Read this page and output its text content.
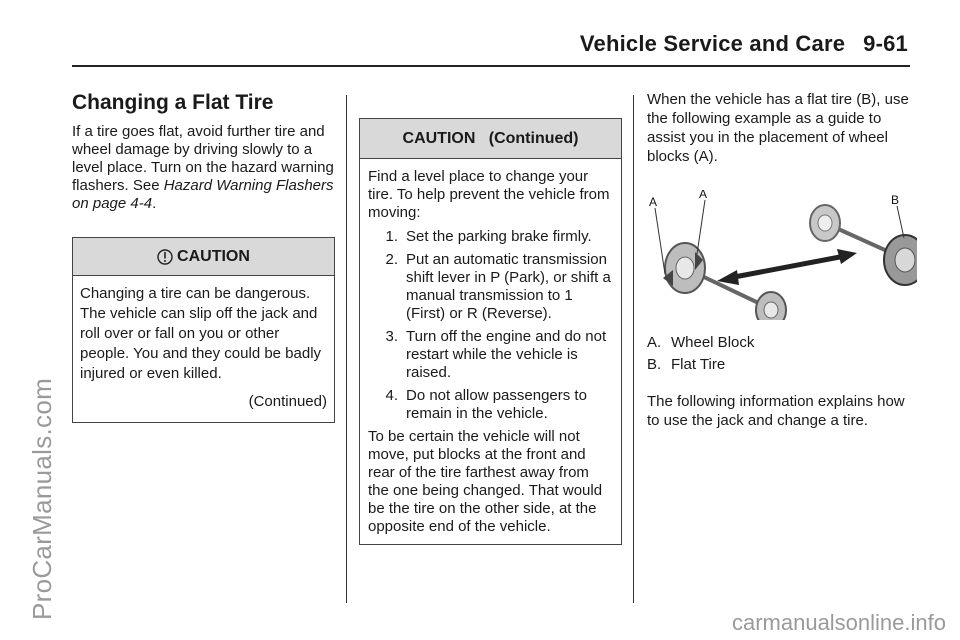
Vehicle Service and Care 9-61
ProCarManuals.com
carmanualsonline.info
Changing a Flat Tire

If a tire goes flat, avoid further tire and wheel damage by driving slowly to a level place. Turn on the hazard warning flashers. See Hazard Warning Flashers on page 4-4.

CAUTION
Changing a tire can be dangerous. The vehicle can slip off the jack and roll over or fall on you or other people. You and they could be badly injured or even killed.
(Continued)
CAUTION   (Continued)
Find a level place to change your tire. To help prevent the vehicle from moving:
1. Set the parking brake firmly.
2. Put an automatic transmission shift lever in P (Park), or shift a manual transmission to 1 (First) or R (Reverse).
3. Turn off the engine and do not restart while the vehicle is raised.
4. Do not allow passengers to remain in the vehicle.
To be certain the vehicle will not move, put blocks at the front and rear of the tire farthest away from the one being changed. That would be the tire on the other side, at the opposite end of the vehicle.

When the vehicle has a flat tire (B), use the following example as a guide to assist you in the placement of wheel blocks (A).

A
A	B
A. Wheel Block
B. Flat Tire

The following information explains how to use the jack and change a tire.
